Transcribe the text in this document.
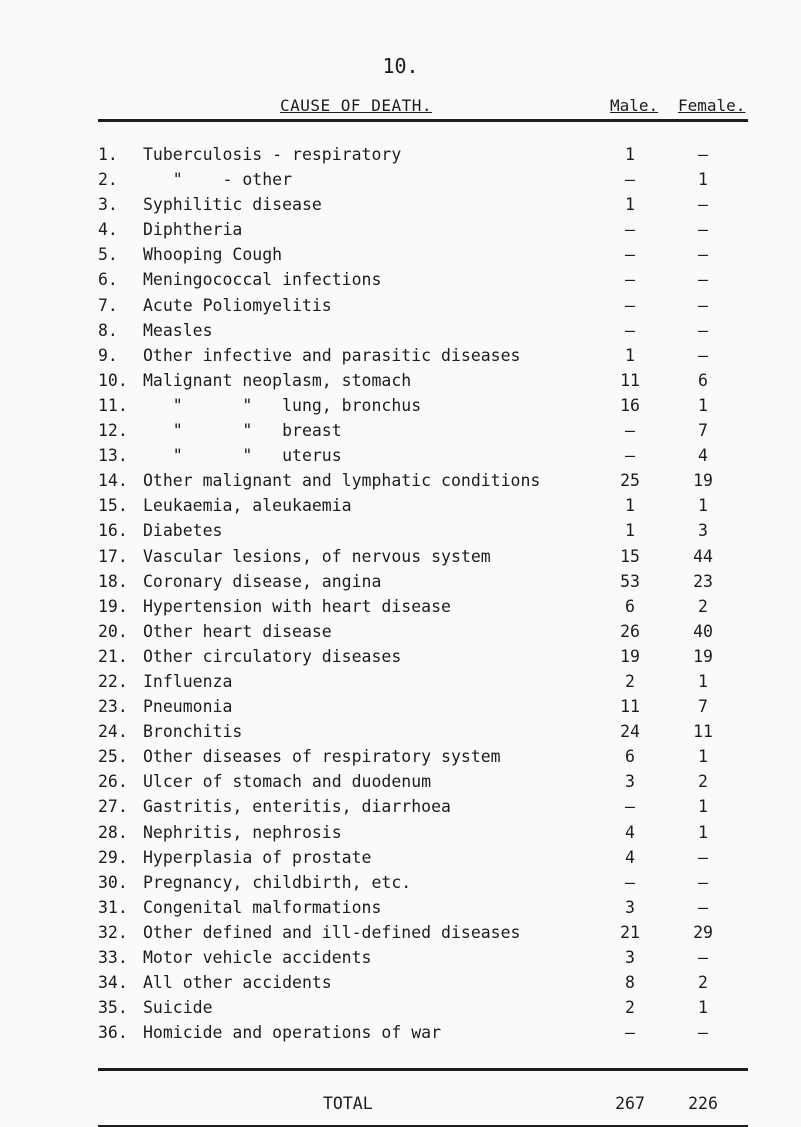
10.
CAUSE OF DEATH.	Male. Female.
1. Tuberculosis - respiratory	1	–
2. "    - other	–	1
3. Syphilitic disease	1	–
4. Diphtheria	–	–
5. Whooping Cough	–	–
6. Meningococcal infections	–	–
7. Acute Poliomyelitis	–	–
8. Measles	–	–
9. Other infective and parasitic diseases	1	–
10. Malignant neoplasm, stomach	11	6
11. "      "   lung, bronchus	16	1
12. "      "   breast	–	7
13. "      "   uterus	–	4
14. Other malignant and lymphatic conditions	25	19
15. Leukaemia, aleukaemia	1	1
16. Diabetes	1	3
17. Vascular lesions, of nervous system	15	44
18. Coronary disease, angina	53	23
19. Hypertension with heart disease	6	2
20. Other heart disease	26	40
21. Other circulatory diseases	19	19
22. Influenza	2	1
23. Pneumonia	11	7
24. Bronchitis	24	11
25. Other diseases of respiratory system	6	1
26. Ulcer of stomach and duodenum	3	2
27. Gastritis, enteritis, diarrhoea	–	1
28. Nephritis, nephrosis	4	1
29. Hyperplasia of prostate	4	–
30. Pregnancy, childbirth, etc.	–	–
31. Congenital malformations	3	–
32. Other defined and ill-defined diseases	21	29
33. Motor vehicle accidents	3	–
34. All other accidents	8	2
35. Suicide	2	1
36. Homicide and operations of war	–	–
TOTAL	267	226
